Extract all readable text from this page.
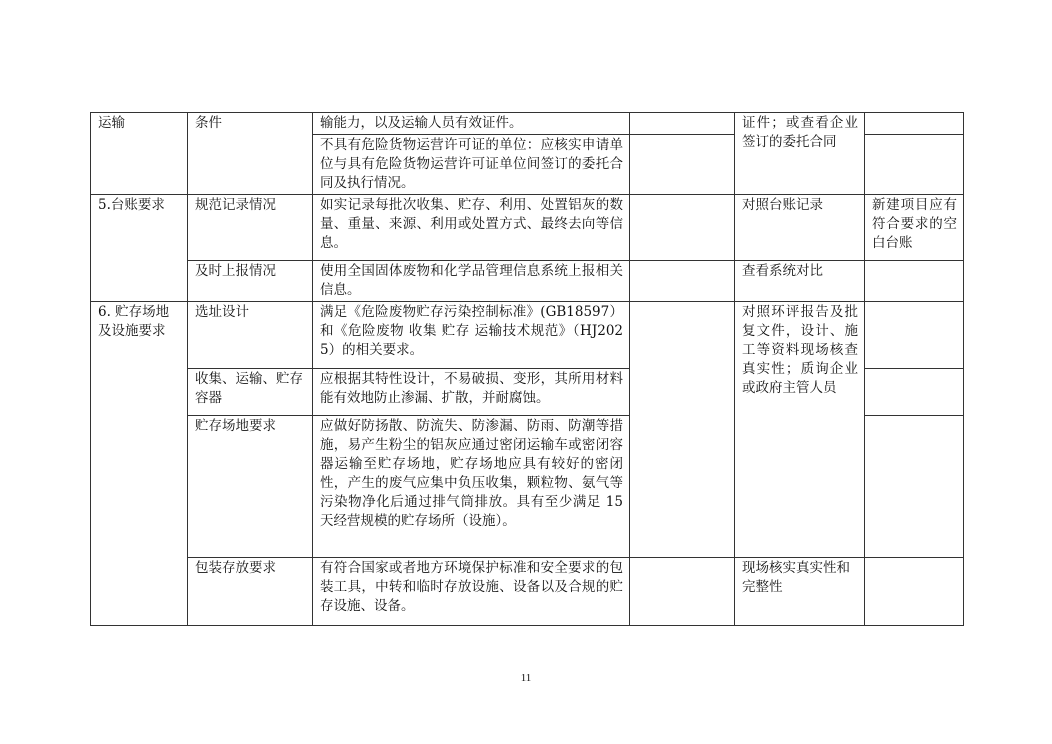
运输	条件	输能力，以及运输人员有效证件。		证件；或查看企业签订的委托合同	
		不具有危险货物运营许可证的单位：应核实申请单位与具有危险货物运营许可证单位间签订的委托合同及执行情况。			
5.台账要求	规范记录情况	如实记录每批次收集、贮存、利用、处置铝灰的数量、重量、来源、利用或处置方式、最终去向等信息。		对照台账记录	新建项目应有符合要求的空白台账
	及时上报情况	使用全国固体废物和化学品管理信息系统上报相关信息。		查看系统对比	
6. 贮存场地及设施要求	选址设计	满足《危险废物贮存污染控制标准》(GB18597）和《危险废物 收集 贮存 运输技术规范》（HJ2025）的相关要求。		对照环评报告及批复文件，设计、施工等资料现场核查真实性；质询企业或政府主管人员	
	收集、运输、贮存容器	应根据其特性设计，不易破损、变形，其所用材料能有效地防止渗漏、扩散，并耐腐蚀。			
	贮存场地要求	应做好防扬散、防流失、防渗漏、防雨、防潮等措施，易产生粉尘的铝灰应通过密闭运输车或密闭容器运输至贮存场地，贮存场地应具有较好的密闭性，产生的废气应集中负压收集，颗粒物、氨气等污染物净化后通过排气筒排放。具有至少满足 15 天经营规模的贮存场所（设施）。			
	包装存放要求	有符合国家或者地方环境保护标准和安全要求的包装工具，中转和临时存放设施、设备以及合规的贮存设施、设备。		现场核实真实性和完整性	
11
